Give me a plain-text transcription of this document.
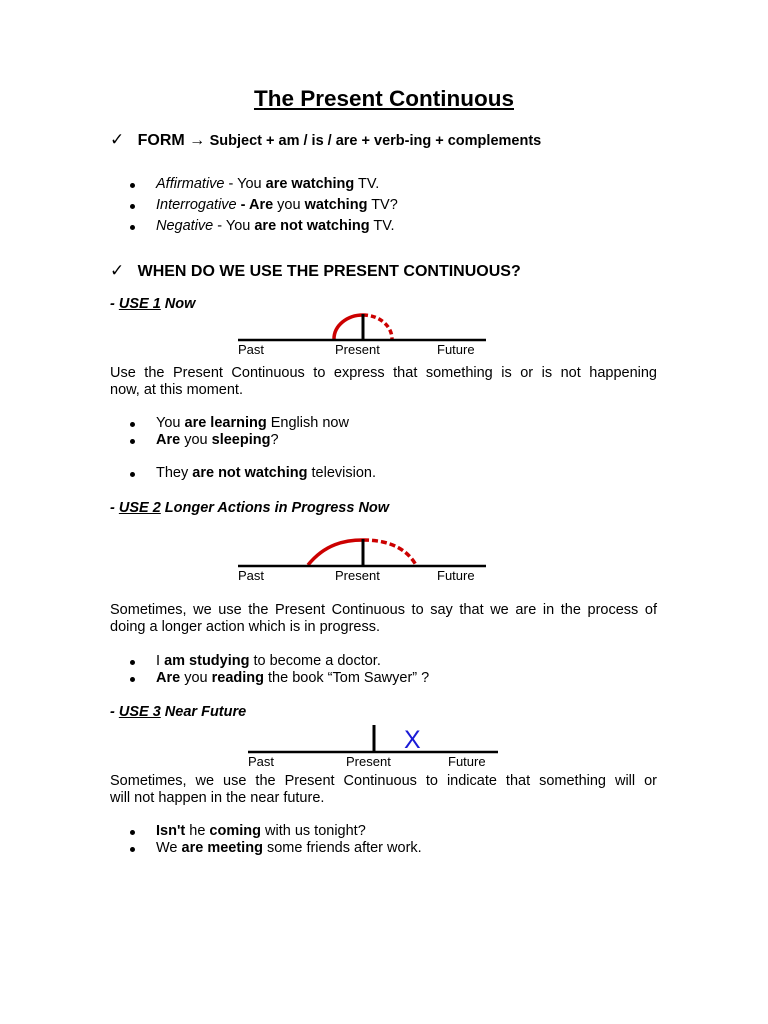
The Present Continuous
✓ FORM → Subject + am / is / are + verb-ing + complements
Affirmative - You are watching TV.
Interrogative - Are you watching TV?
Negative - You are not watching TV.
✓ WHEN DO WE USE THE PRESENT CONTINUOUS?
- USE 1 Now
Past	Present	Future
Use the Present Continuous to express that something is or is not happening
now, at this moment.
You are learning English now
Are you sleeping?
They are not watching television.
- USE 2 Longer Actions in Progress Now
Past	Present	Future
Sometimes, we use the Present Continuous to say that we are in the process of
doing a longer action which is in progress.
I am studying to become a doctor.
Are you reading the book “Tom Sawyer” ?
- USE 3 Near Future
X
Past	Present	Future
Sometimes, we use the Present Continuous to indicate that something will or
will not happen in the near future.
Isn't he coming with us tonight?
We are meeting some friends after work.
